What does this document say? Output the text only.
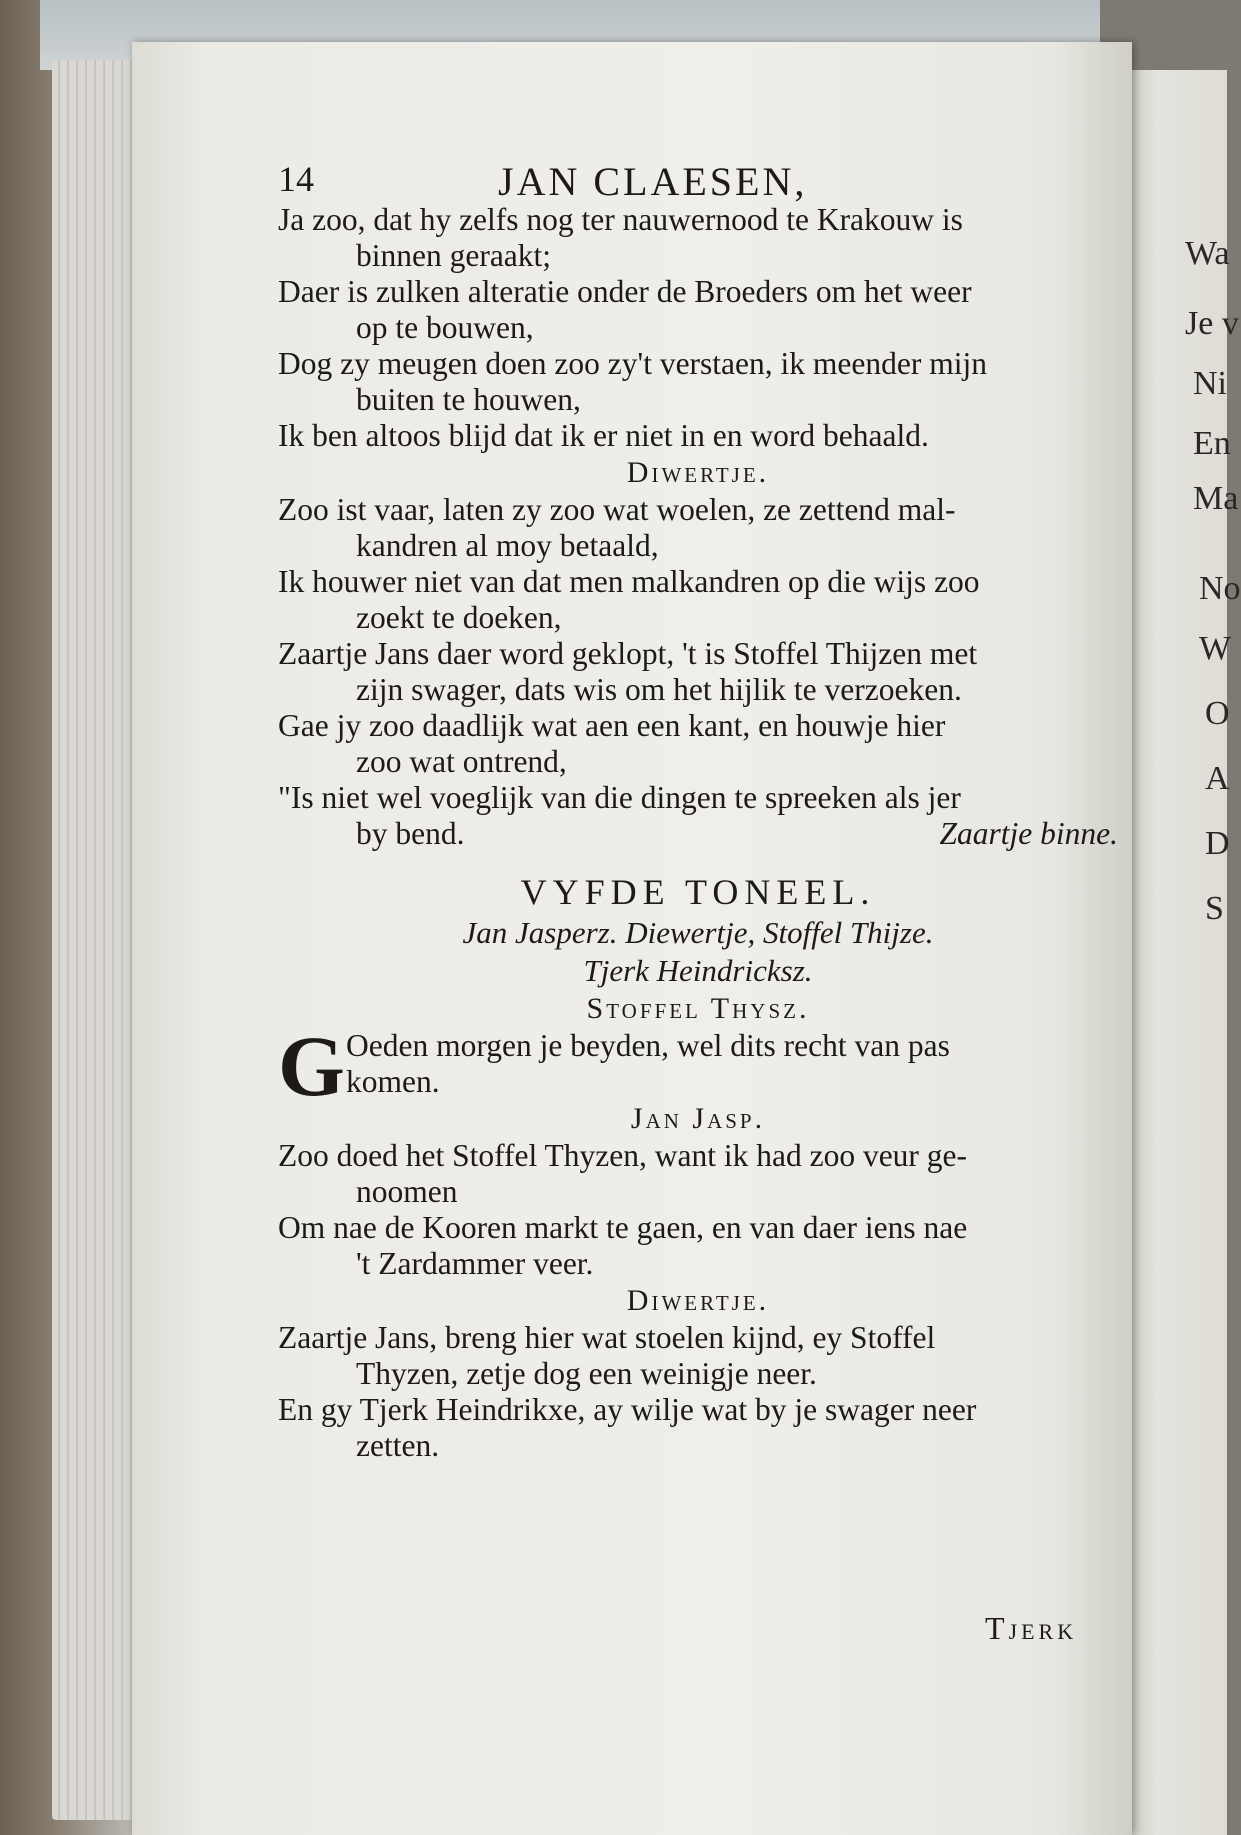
Wa
Je v
Ni
En
Ma
No
W
O
A
D
S
14	JAN CLAESEN,
Ja zoo, dat hy zelfs nog ter nauwernood te Krakouw is
binnen geraakt;
Daer is zulken alteratie onder de Broeders om het weer
op te bouwen,
Dog zy meugen doen zoo zy't verstaen, ik meender mijn
buiten te houwen,
Ik ben altoos blijd dat ik er niet in en word behaald.
Diwertje.
Zoo ist vaar, laten zy zoo wat woelen, ze zettend mal-
kandren al moy betaald,
Ik houwer niet van dat men malkandren op die wijs zoo
zoekt te doeken,
Zaartje Jans daer word geklopt, 't is Stoffel Thijzen met
zijn swager, dats wis om het hijlik te verzoeken.
Gae jy zoo daadlijk wat aen een kant, en houwje hier
zoo wat ontrend,
"Is niet wel voeglijk van die dingen te spreeken als jer
by bend.	Zaartje binne.
VYFDE TONEEL.
Jan Jasperz. Diewertje, Stoffel Thijze.
Tjerk Heindricksz.
Stoffel Thysz.
G Oeden morgen je beyden, wel dits recht van pas
komen.
Jan Jasp.
Zoo doed het Stoffel Thyzen, want ik had zoo veur ge-
noomen
Om nae de Kooren markt te gaen, en van daer iens nae
't Zardammer veer.
Diwertje.
Zaartje Jans, breng hier wat stoelen kijnd, ey Stoffel
Thyzen, zetje dog een weinigje neer.
En gy Tjerk Heindrikxe, ay wilje wat by je swager neer
zetten.
Tjerk
